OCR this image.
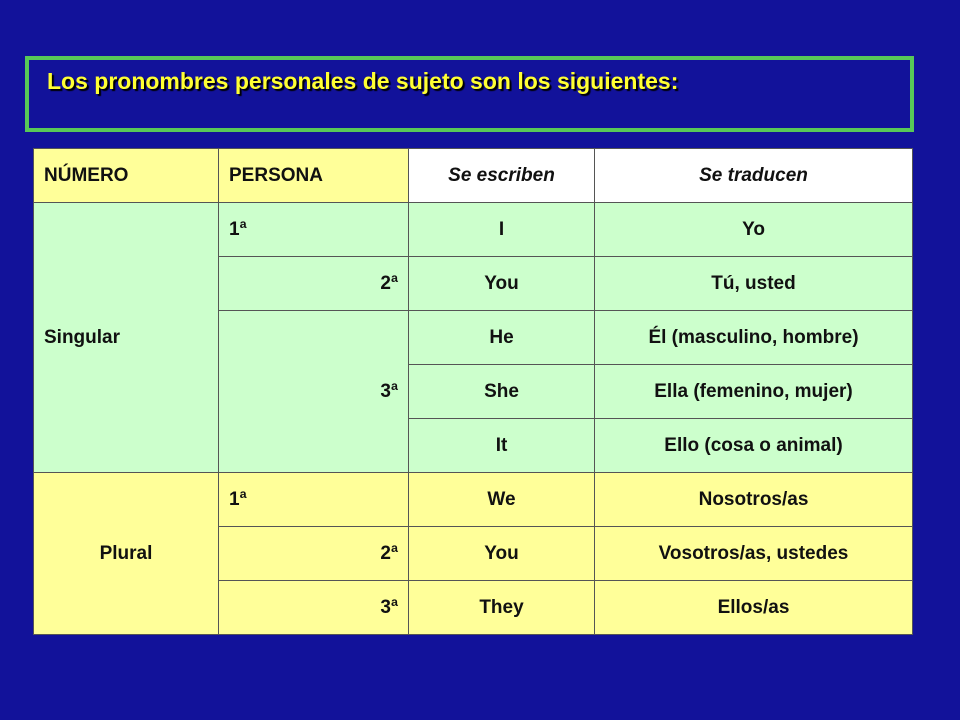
Los pronombres personales de sujeto son los siguientes:
NÚMERO	PERSONA	Se escriben	Se traducen
Singular	1ª	I	Yo
	2ª	You	Tú, usted
	3ª	He	Él (masculino, hombre)
		She	Ella (femenino, mujer)
		It	Ello (cosa o animal)
Plural	1ª	We	Nosotros/as
	2ª	You	Vosotros/as, ustedes
	3ª	They	Ellos/as
